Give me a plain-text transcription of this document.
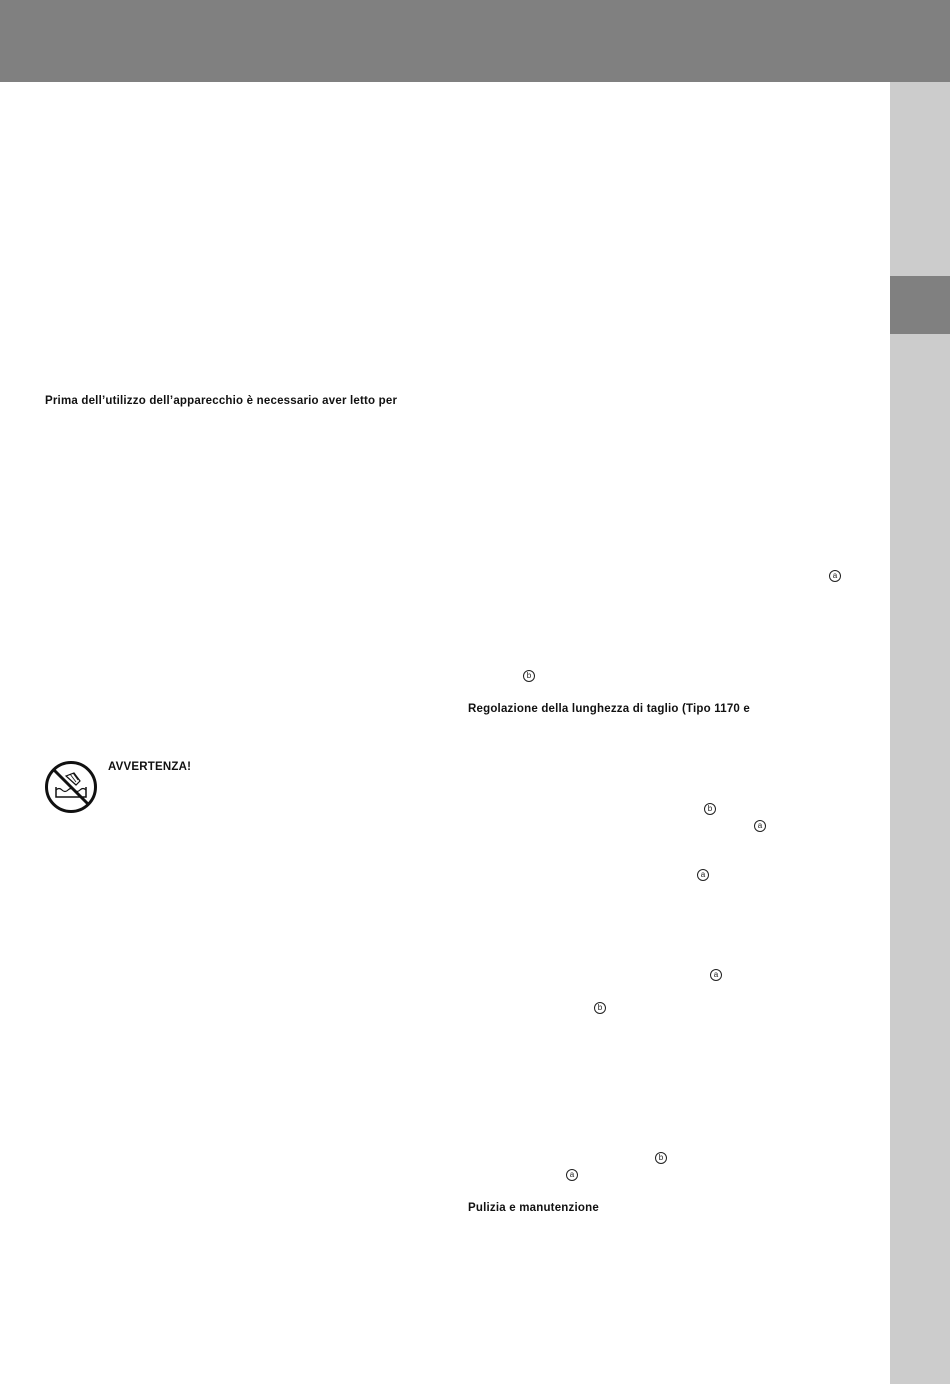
Prima dell’utilizzo dell’apparecchio è necessario aver letto per
AVVERTENZA!
Regolazione della lunghezza di taglio (Tipo 1170 e
Pulizia e manutenzione
a
b
b
a
a
a
b
b
a
